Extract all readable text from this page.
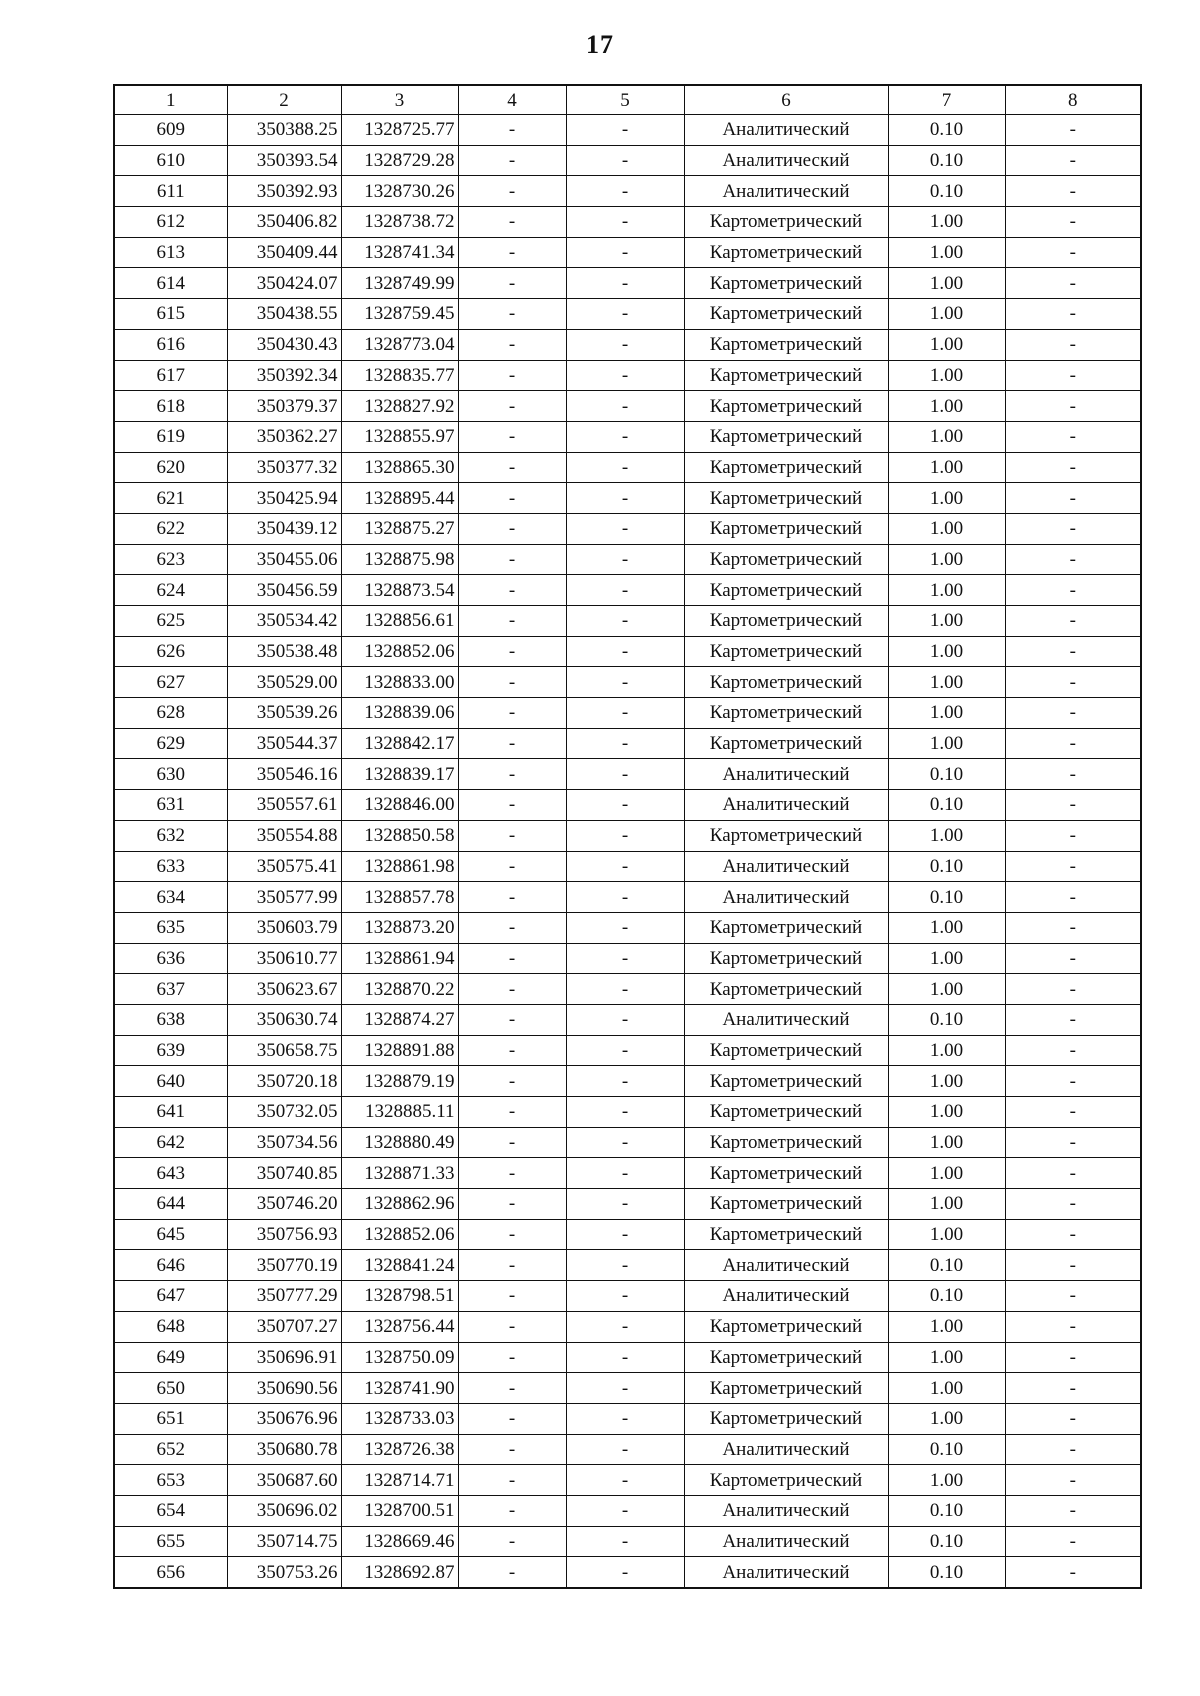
17
1	2	3	4	5	6	7	8
609	350388.25	1328725.77	-	-	Аналитический	0.10	-
610	350393.54	1328729.28	-	-	Аналитический	0.10	-
611	350392.93	1328730.26	-	-	Аналитический	0.10	-
612	350406.82	1328738.72	-	-	Картометрический	1.00	-
613	350409.44	1328741.34	-	-	Картометрический	1.00	-
614	350424.07	1328749.99	-	-	Картометрический	1.00	-
615	350438.55	1328759.45	-	-	Картометрический	1.00	-
616	350430.43	1328773.04	-	-	Картометрический	1.00	-
617	350392.34	1328835.77	-	-	Картометрический	1.00	-
618	350379.37	1328827.92	-	-	Картометрический	1.00	-
619	350362.27	1328855.97	-	-	Картометрический	1.00	-
620	350377.32	1328865.30	-	-	Картометрический	1.00	-
621	350425.94	1328895.44	-	-	Картометрический	1.00	-
622	350439.12	1328875.27	-	-	Картометрический	1.00	-
623	350455.06	1328875.98	-	-	Картометрический	1.00	-
624	350456.59	1328873.54	-	-	Картометрический	1.00	-
625	350534.42	1328856.61	-	-	Картометрический	1.00	-
626	350538.48	1328852.06	-	-	Картометрический	1.00	-
627	350529.00	1328833.00	-	-	Картометрический	1.00	-
628	350539.26	1328839.06	-	-	Картометрический	1.00	-
629	350544.37	1328842.17	-	-	Картометрический	1.00	-
630	350546.16	1328839.17	-	-	Аналитический	0.10	-
631	350557.61	1328846.00	-	-	Аналитический	0.10	-
632	350554.88	1328850.58	-	-	Картометрический	1.00	-
633	350575.41	1328861.98	-	-	Аналитический	0.10	-
634	350577.99	1328857.78	-	-	Аналитический	0.10	-
635	350603.79	1328873.20	-	-	Картометрический	1.00	-
636	350610.77	1328861.94	-	-	Картометрический	1.00	-
637	350623.67	1328870.22	-	-	Картометрический	1.00	-
638	350630.74	1328874.27	-	-	Аналитический	0.10	-
639	350658.75	1328891.88	-	-	Картометрический	1.00	-
640	350720.18	1328879.19	-	-	Картометрический	1.00	-
641	350732.05	1328885.11	-	-	Картометрический	1.00	-
642	350734.56	1328880.49	-	-	Картометрический	1.00	-
643	350740.85	1328871.33	-	-	Картометрический	1.00	-
644	350746.20	1328862.96	-	-	Картометрический	1.00	-
645	350756.93	1328852.06	-	-	Картометрический	1.00	-
646	350770.19	1328841.24	-	-	Аналитический	0.10	-
647	350777.29	1328798.51	-	-	Аналитический	0.10	-
648	350707.27	1328756.44	-	-	Картометрический	1.00	-
649	350696.91	1328750.09	-	-	Картометрический	1.00	-
650	350690.56	1328741.90	-	-	Картометрический	1.00	-
651	350676.96	1328733.03	-	-	Картометрический	1.00	-
652	350680.78	1328726.38	-	-	Аналитический	0.10	-
653	350687.60	1328714.71	-	-	Картометрический	1.00	-
654	350696.02	1328700.51	-	-	Аналитический	0.10	-
655	350714.75	1328669.46	-	-	Аналитический	0.10	-
656	350753.26	1328692.87	-	-	Аналитический	0.10	-
